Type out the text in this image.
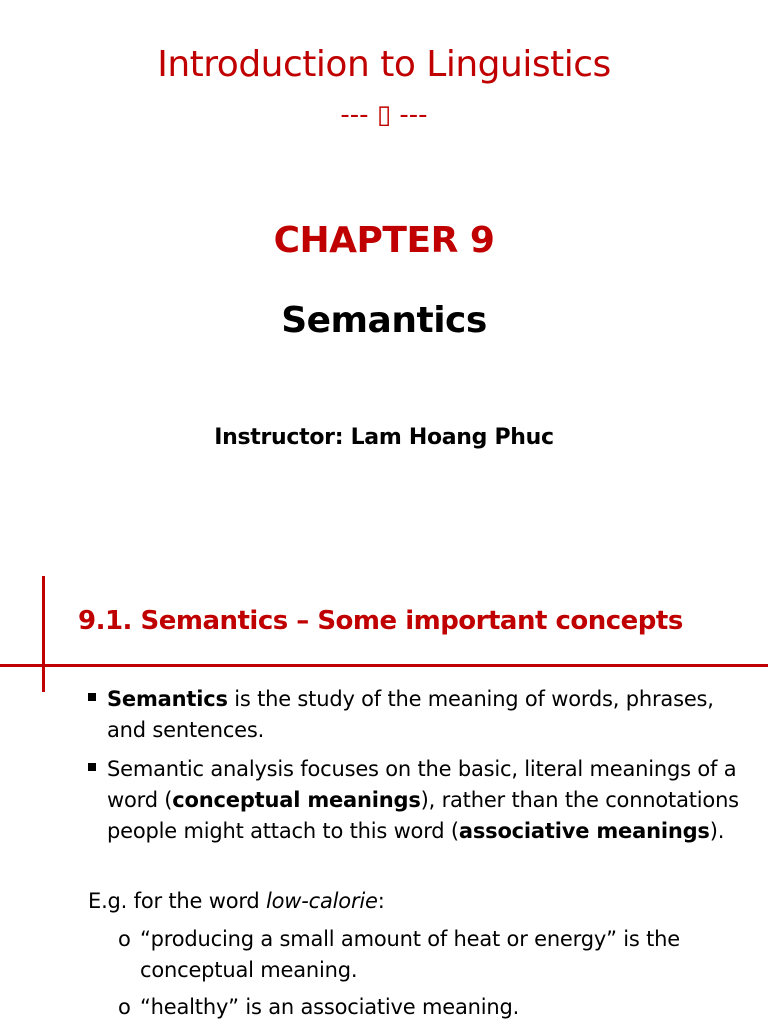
Introduction to Linguistics
--- ▯ ---
CHAPTER 9
Semantics
Instructor: Lam Hoang Phuc
9.1. Semantics – Some important concepts
Semantics is the study of the meaning of words, phrases, and sentences.
Semantic analysis focuses on the basic, literal meanings of a word (conceptual meanings), rather than the connotations people might attach to this word (associative meanings).
E.g. for the word low-calorie:
o “producing a small amount of heat or energy” is the conceptual meaning.
o “healthy” is an associative meaning.
